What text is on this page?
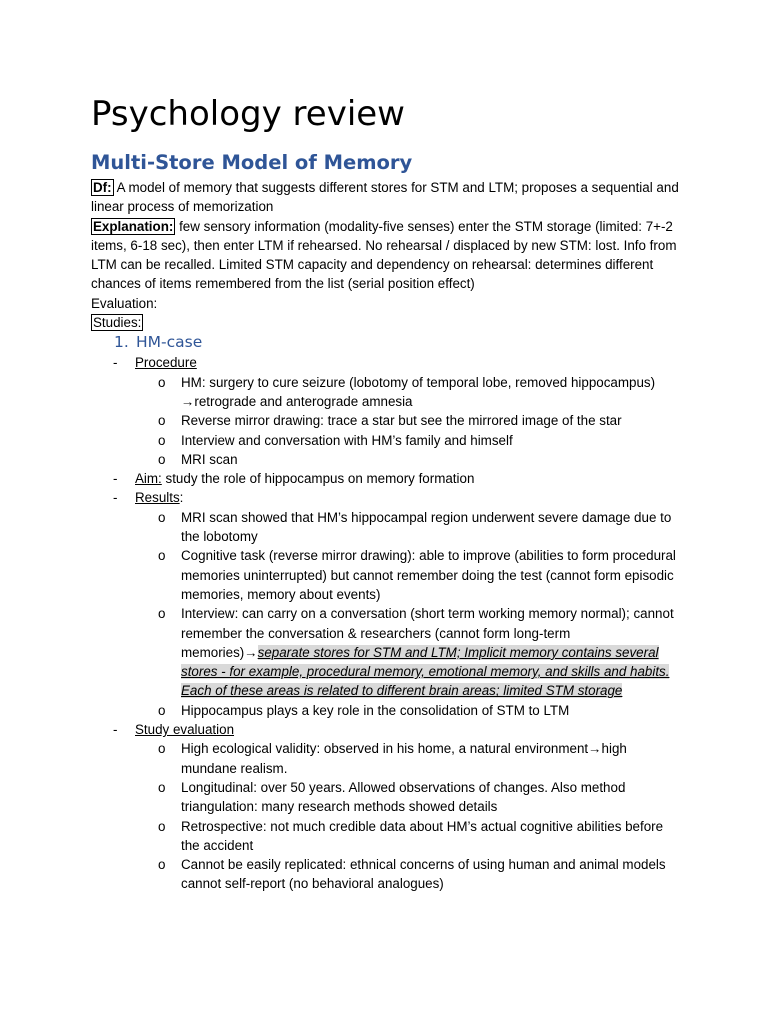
Psychology review
Multi-Store Model of Memory

Df: A model of memory that suggests different stores for STM and LTM; proposes a sequential and linear process of memorization

Explanation: few sensory information (modality-five senses) enter the STM storage (limited: 7+-2 items, 6-18 sec), then enter LTM if rehearsed. No rehearsal / displaced by new STM: lost. Info from LTM can be recalled. Limited STM capacity and dependency on rehearsal: determines different chances of items remembered from the list (serial position effect)

Evaluation:

Studies:

1. HM-case
- Procedure
o HM: surgery to cure seizure (lobotomy of temporal lobe, removed hippocampus) →retrograde and anterograde amnesia
o Reverse mirror drawing: trace a star but see the mirrored image of the star
o Interview and conversation with HM’s family and himself
o MRI scan
- Aim: study the role of hippocampus on memory formation
- Results:
o MRI scan showed that HM’s hippocampal region underwent severe damage due to the lobotomy
o Cognitive task (reverse mirror drawing): able to improve (abilities to form procedural memories uninterrupted) but cannot remember doing the test (cannot form episodic memories, memory about events)
o Interview: can carry on a conversation (short term working memory normal); cannot remember the conversation & researchers (cannot form long-term memories)→separate stores for STM and LTM; Implicit memory contains several stores - for example, procedural memory, emotional memory, and skills and habits. Each of these areas is related to different brain areas; limited STM storage
o Hippocampus plays a key role in the consolidation of STM to LTM
- Study evaluation
o High ecological validity: observed in his home, a natural environment→high mundane realism.
o Longitudinal: over 50 years. Allowed observations of changes. Also method triangulation: many research methods showed details
o Retrospective: not much credible data about HM’s actual cognitive abilities before the accident
o Cannot be easily replicated: ethnical concerns of using human and animal models cannot self-report (no behavioral analogues)
